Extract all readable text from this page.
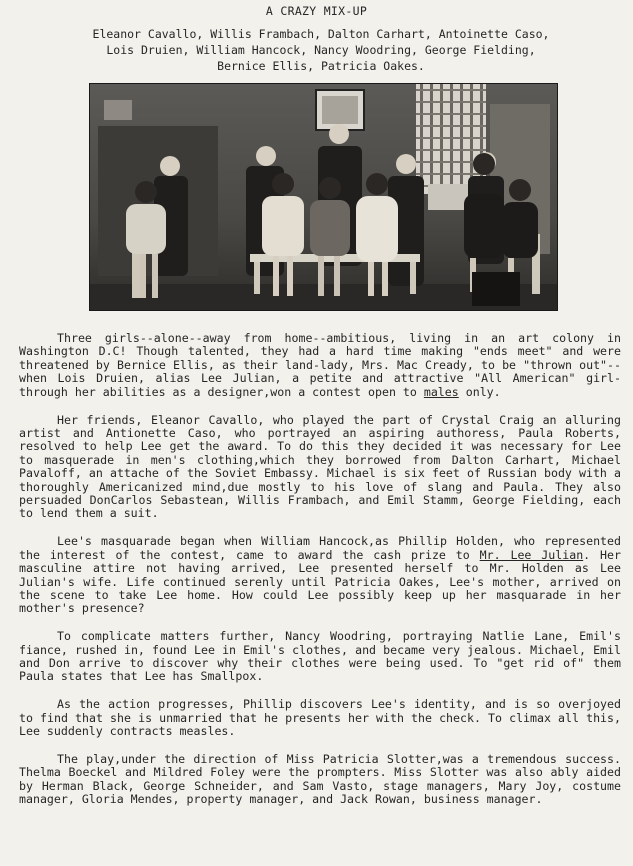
A CRAZY MIX-UP
Eleanor Cavallo, Willis Frambach, Dalton Carhart, Antoinette Caso,
Lois Druien, William Hancock, Nancy Woodring, George Fielding,
Bernice Ellis, Patricia Oakes.

Three girls--alone--away from home--ambitious, living in an art colony in Washington D.C! Though talented, they had a hard time making "ends meet" and were threatened by Bernice Ellis, as their land-lady, Mrs. Mac Cready, to be "thrown out"--when Lois Druien, alias Lee Julian, a petite and attractive "All American" girl-through her abilities as a designer,won a contest open to males only.

Her friends, Eleanor Cavallo, who played the part of Crystal Craig an alluring artist and Antionette Caso, who portrayed an aspiring authoress, Paula Roberts, resolved to help Lee get the award. To do this they decided it was necessary for Lee to masquerade in men's clothing,which they borrowed from Dalton Carhart, Michael Pavaloff, an attache of the Soviet Embassy. Michael is six feet of Russian body with a thoroughly Americanized mind,due mostly to his love of slang and Paula. They also persuaded DonCarlos Sebastean, Willis Frambach, and Emil Stamm, George Fielding, each to lend them a suit.

Lee's masquarade began when William Hancock,as Phillip Holden, who represented the interest of the contest, came to award the cash prize to Mr. Lee Julian. Her masculine attire not having arrived, Lee presented herself to Mr. Holden as Lee Julian's wife. Life continued serenly until Patricia Oakes, Lee's mother, arrived on the scene to take Lee home. How could Lee possibly keep up her masquarade in her mother's presence?

To complicate matters further, Nancy Woodring, portraying Natlie Lane, Emil's fiance, rushed in, found Lee in Emil's clothes, and became very jealous. Michael, Emil and Don arrive to discover why their clothes were being used. To "get rid of" them Paula states that Lee has Smallpox.

As the action progresses, Phillip discovers Lee's identity, and is so overjoyed to find that she is unmarried that he presents her with the check. To climax all this, Lee suddenly contracts measles.

The play,under the direction of Miss Patricia Slotter,was a tremendous success. Thelma Boeckel and Mildred Foley were the prompters. Miss Slotter was also ably aided by Herman Black, George Schneider, and Sam Vasto, stage managers, Mary Joy, costume manager, Gloria Mendes, property manager, and Jack Rowan, business manager.
